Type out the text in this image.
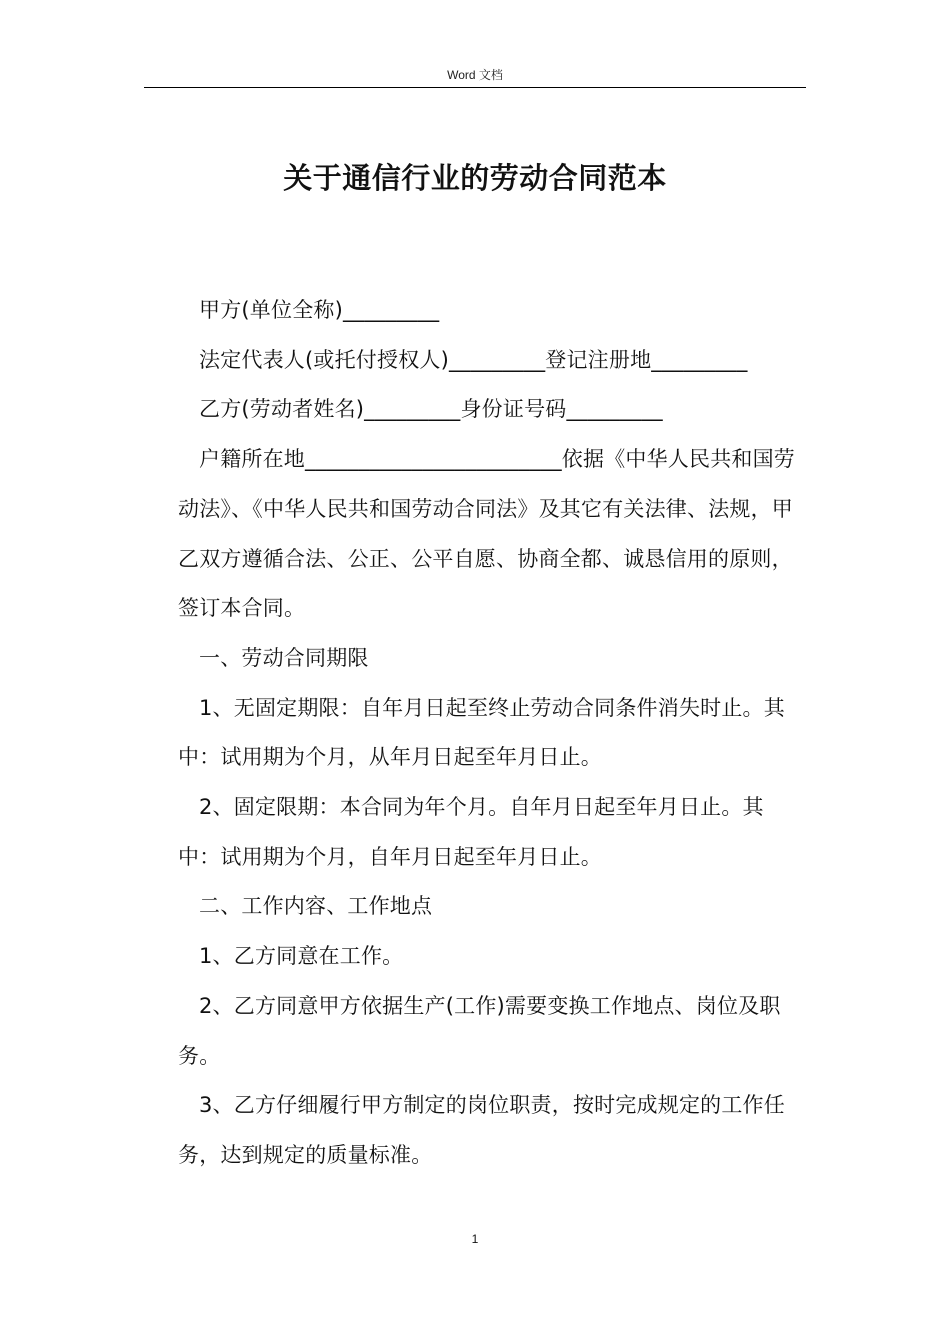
Word 文档
关于通信行业的劳动合同范本

甲方(单位全称)_________

法定代表人(或托付授权人)_________登记注册地_________

乙方(劳动者姓名)_________身份证号码_________

户籍所在地________________________依据《中华人民共和国劳动法》、《中华人民共和国劳动合同法》及其它有关法律、法规，甲乙双方遵循合法、公正、公平自愿、协商全都、诚恳信用的原则，签订本合同。

一、劳动合同期限

1、无固定期限：自年月日起至终止劳动合同条件消失时止。其中：试用期为个月，从年月日起至年月日止。

2、固定限期：本合同为年个月。自年月日起至年月日止。其中：试用期为个月，自年月日起至年月日止。

二、工作内容、工作地点

1、乙方同意在工作。

2、乙方同意甲方依据生产(工作)需要变换工作地点、岗位及职务。

3、乙方仔细履行甲方制定的岗位职责，按时完成规定的工作任务，达到规定的质量标准。

1
